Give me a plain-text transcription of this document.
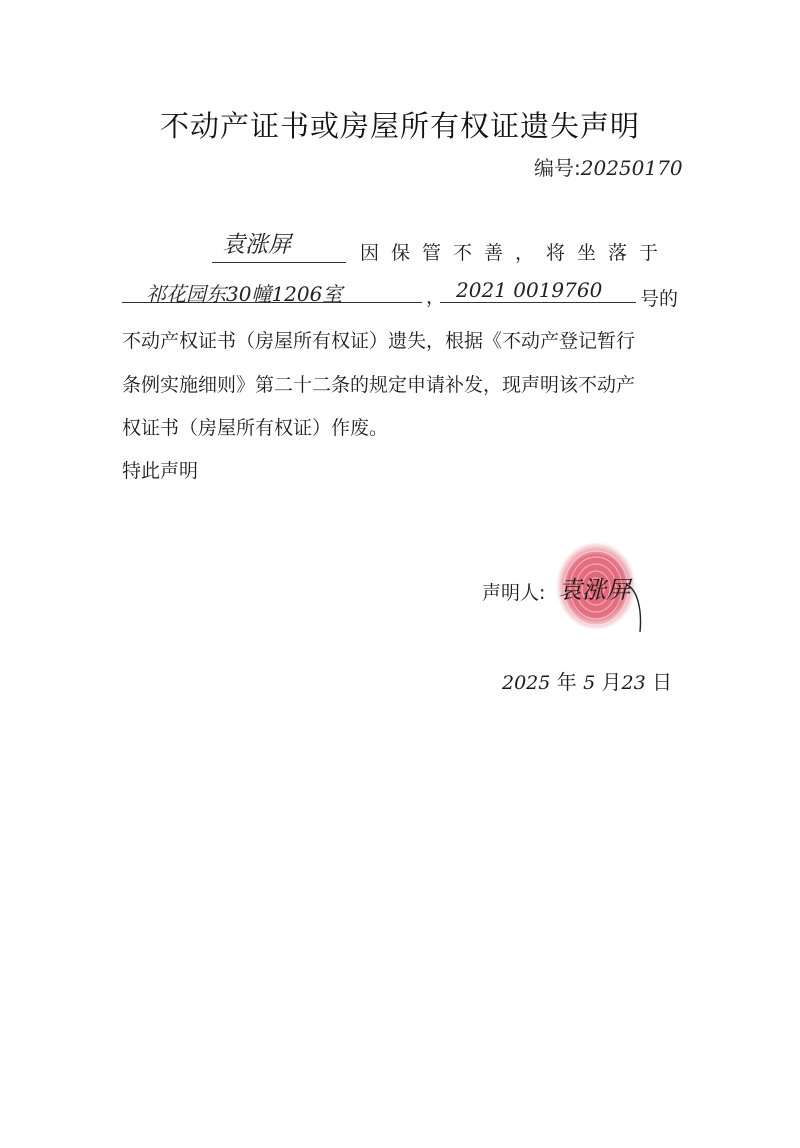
不动产证书或房屋所有权证遗失声明
编号:20250170
袁涨屏	因保管不善，将坐落于
祁花园东30幢1206室	， 2021 0019760 号的
不动产权证书（房屋所有权证）遗失，根据《不动产登记暂行
条例实施细则》第二十二条的规定申请补发，现声明该不动产
权证书（房屋所有权证）作废。
特此声明
声明人: 袁涨屏
2025 年 5 月23 日
